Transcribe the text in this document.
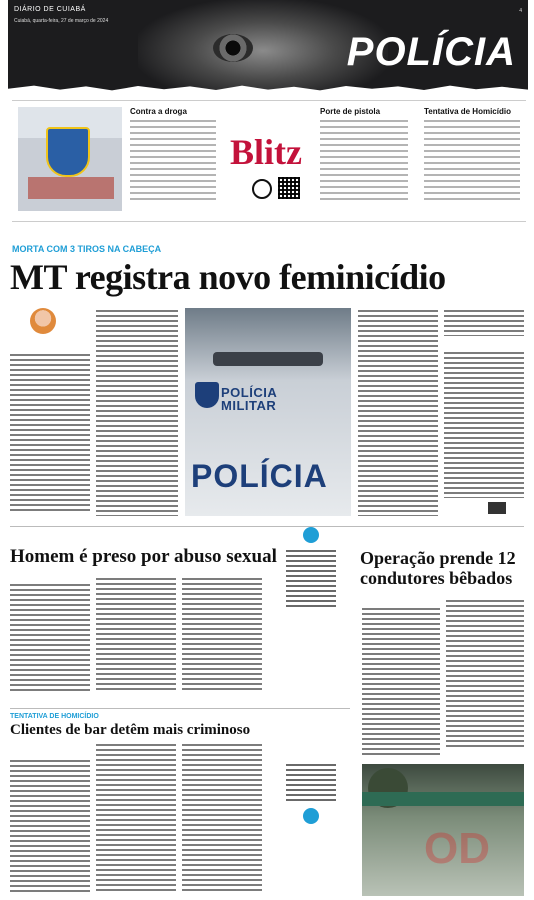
DIÁRIO DE CUIABÁ
Cuiabá, quarta-feira, 27 de março de 2024
4
POLÍCIA
Contra a droga
Blitz
Porte de pistola	Tentativa de Homicídio
MORTA COM 3 TIROS NA CABEÇA
MT registra novo feminicídio
POLÍCIA
MILITAR
POLÍCIA
Homem é preso por abuso sexual	Operação prende 12 condutores bêbados
TENTATIVA DE HOMICÍDIO
Clientes de bar detêm mais criminoso
OD
